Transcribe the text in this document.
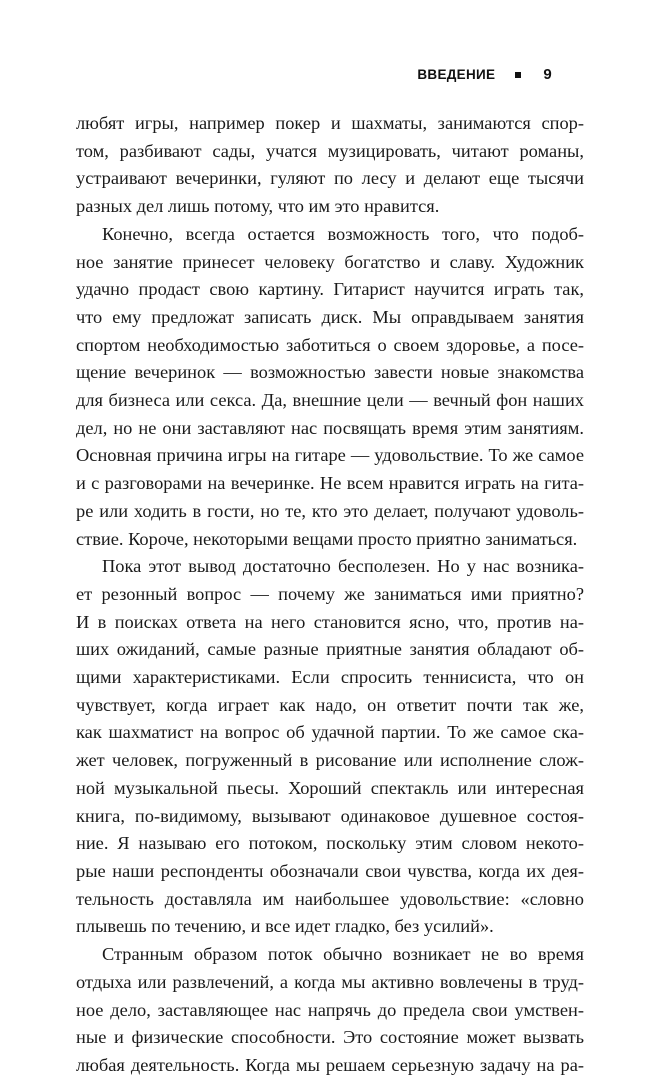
ВВЕДЕНИЕ	9

любят игры, например покер и шахматы, занимаются спор-
том, разбивают сады, учатся музицировать, читают романы,
устраивают вечеринки, гуляют по лесу и делают еще тысячи
разных дел лишь потому, что им это нравится.

Конечно, всегда остается возможность того, что подоб-
ное занятие принесет человеку богатство и славу. Художник
удачно продаст свою картину. Гитарист научится играть так,
что ему предложат записать диск. Мы оправдываем занятия
спортом необходимостью заботиться о своем здоровье, а посе-
щение вечеринок — возможностью завести новые знакомства
для бизнеса или секса. Да, внешние цели — вечный фон наших
дел, но не они заставляют нас посвящать время этим занятиям.
Основная причина игры на гитаре — удовольствие. То же самое
и с разговорами на вечеринке. Не всем нравится играть на гита-
ре или ходить в гости, но те, кто это делает, получают удоволь-
ствие. Короче, некоторыми вещами просто приятно заниматься.

Пока этот вывод достаточно бесполезен. Но у нас возника-
ет резонный вопрос — почему же заниматься ими приятно?
И в поисках ответа на него становится ясно, что, против на-
ших ожиданий, самые разные приятные занятия обладают об-
щими характеристиками. Если спросить теннисиста, что он
чувствует, когда играет как надо, он ответит почти так же,
как шахматист на вопрос об удачной партии. То же самое ска-
жет человек, погруженный в рисование или исполнение слож-
ной музыкальной пьесы. Хороший спектакль или интересная
книга, по-видимому, вызывают одинаковое душевное состоя-
ние. Я называю его потоком, поскольку этим словом некото-
рые наши респонденты обозначали свои чувства, когда их дея-
тельность доставляла им наибольшее удовольствие: «словно
плывешь по течению, и все идет гладко, без усилий».

Странным образом поток обычно возникает не во время
отдыха или развлечений, а когда мы активно вовлечены в труд-
ное дело, заставляющее нас напрячь до предела свои умствен-
ные и физические способности. Это состояние может вызвать
любая деятельность. Когда мы решаем серьезную задачу на ра-
